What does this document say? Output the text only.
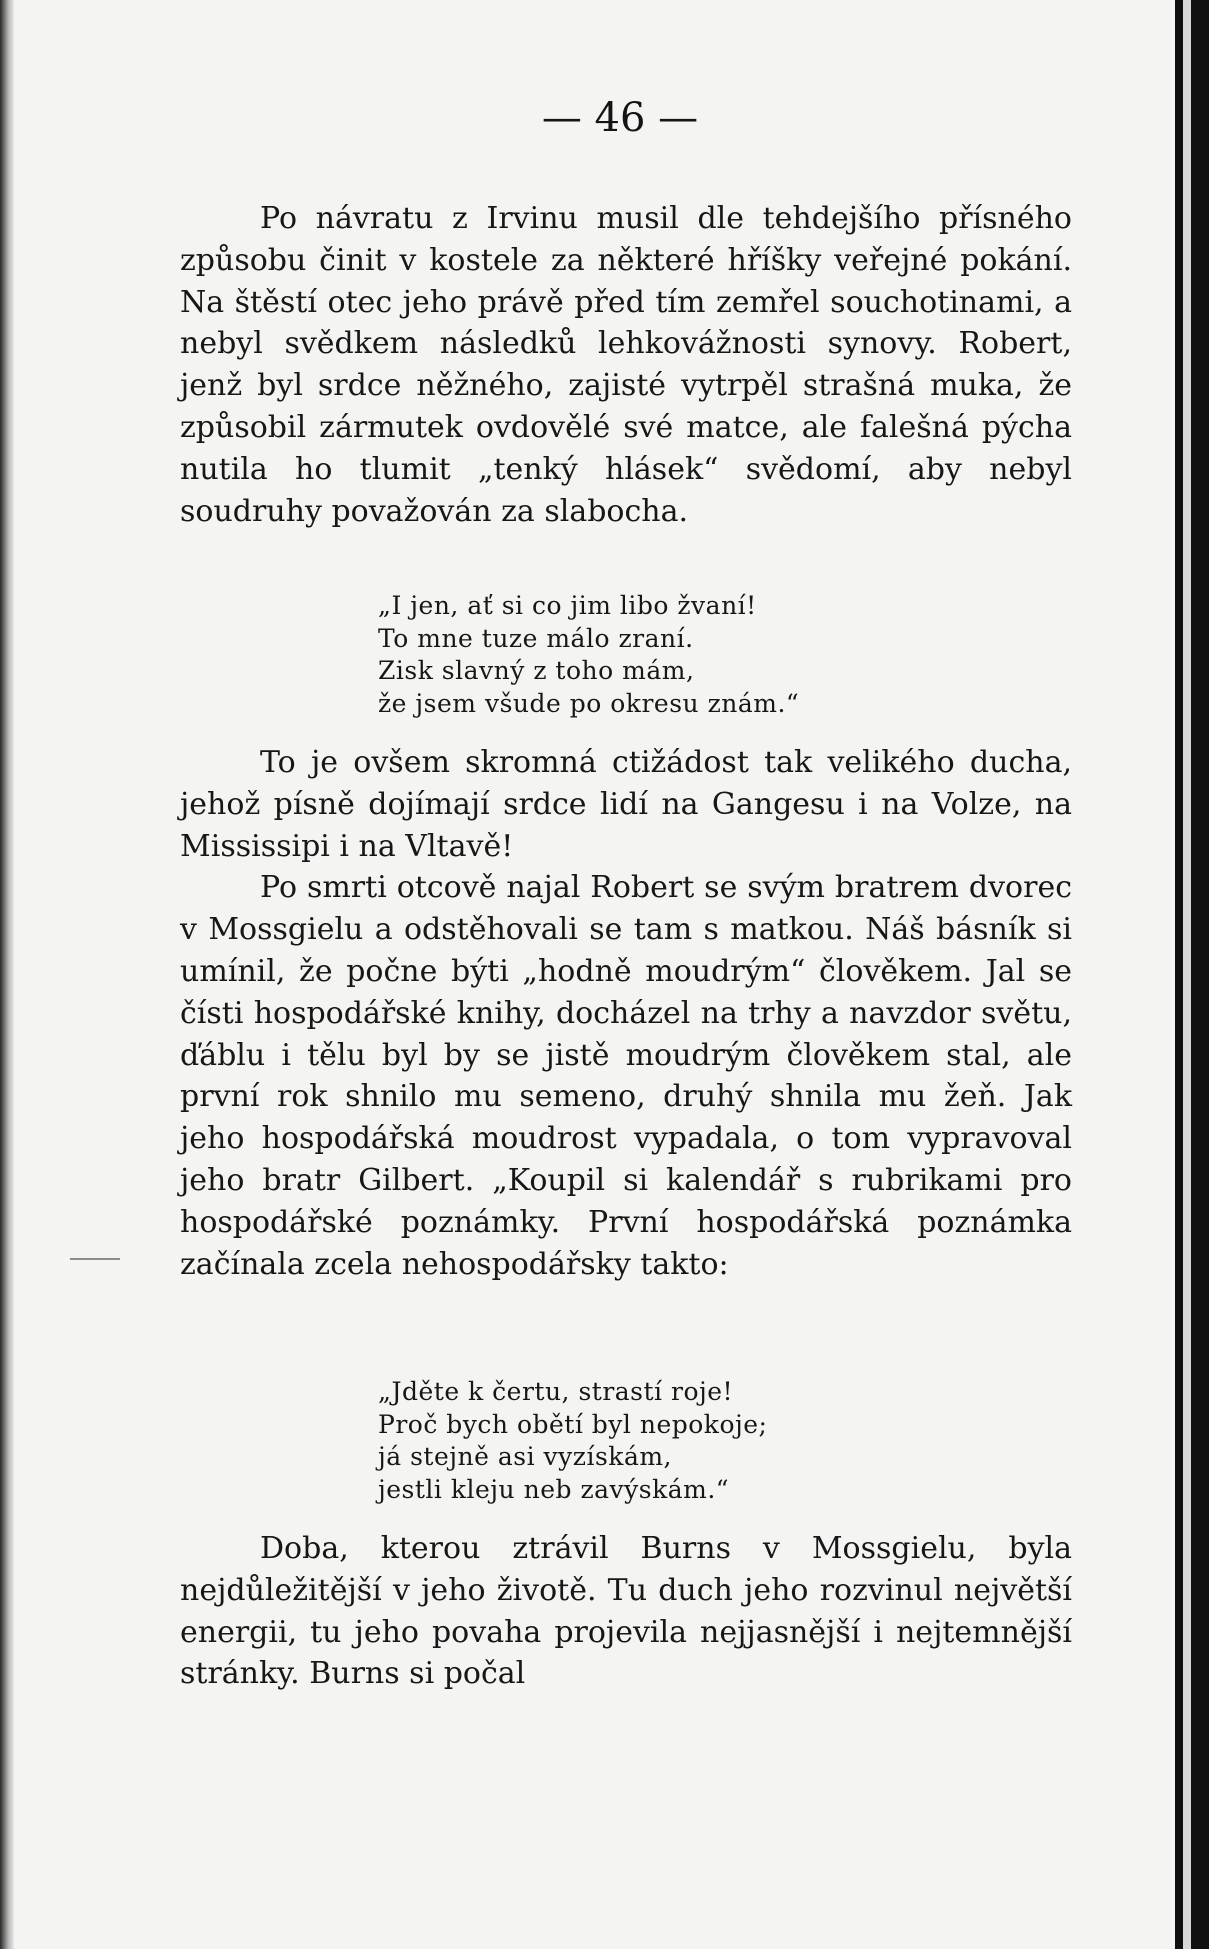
— 46 —

Po návratu z Irvinu musil dle tehdejšího přísného způsobu činit v kostele za některé hříšky veřejné pokání. Na štěstí otec jeho právě před tím zemřel souchotinami, a nebyl svědkem následků lehkovážnosti synovy. Robert, jenž byl srdce něžného, zajisté vytrpěl strašná muka, že způsobil zármutek ovdovělé své matce, ale falešná pýcha nutila ho tlumit „tenký hlásek“ svědomí, aby nebyl soudruhy považován za slabocha.

„I jen, ať si co jim libo žvaní!
To mne tuze málo zraní.
Zisk slavný z toho mám,
že jsem všude po okresu znám.“

To je ovšem skromná ctižádost tak velikého ducha, jehož písně dojímají srdce lidí na Gangesu i na Volze, na Mississipi i na Vltavě!

Po smrti otcově najal Robert se svým bratrem dvorec v Mossgielu a odstěhovali se tam s matkou. Náš básník si umínil, že počne býti „hodně moudrým“ člověkem. Jal se čísti hospodářské knihy, docházel na trhy a navzdor světu, ďáblu i tělu byl by se jistě moudrým člověkem stal, ale první rok shnilo mu semeno, druhý shnila mu žeň. Jak jeho hospodářská moudrost vypadala, o tom vypravoval jeho bratr Gilbert. „Koupil si kalendář s rubrikami pro hospodářské poznámky. První hospodářská poznámka začínala zcela nehospodářsky takto:

„Jděte k čertu, strastí roje!
Proč bych obětí byl nepokoje;
já stejně asi vyzískám,
jestli kleju neb zavýskám.“

Doba, kterou ztrávil Burns v Mossgielu, byla nejdůležitější v jeho životě. Tu duch jeho rozvinul největší energii, tu jeho povaha projevila nejjasnější i nejtemnější stránky. Burns si počal
